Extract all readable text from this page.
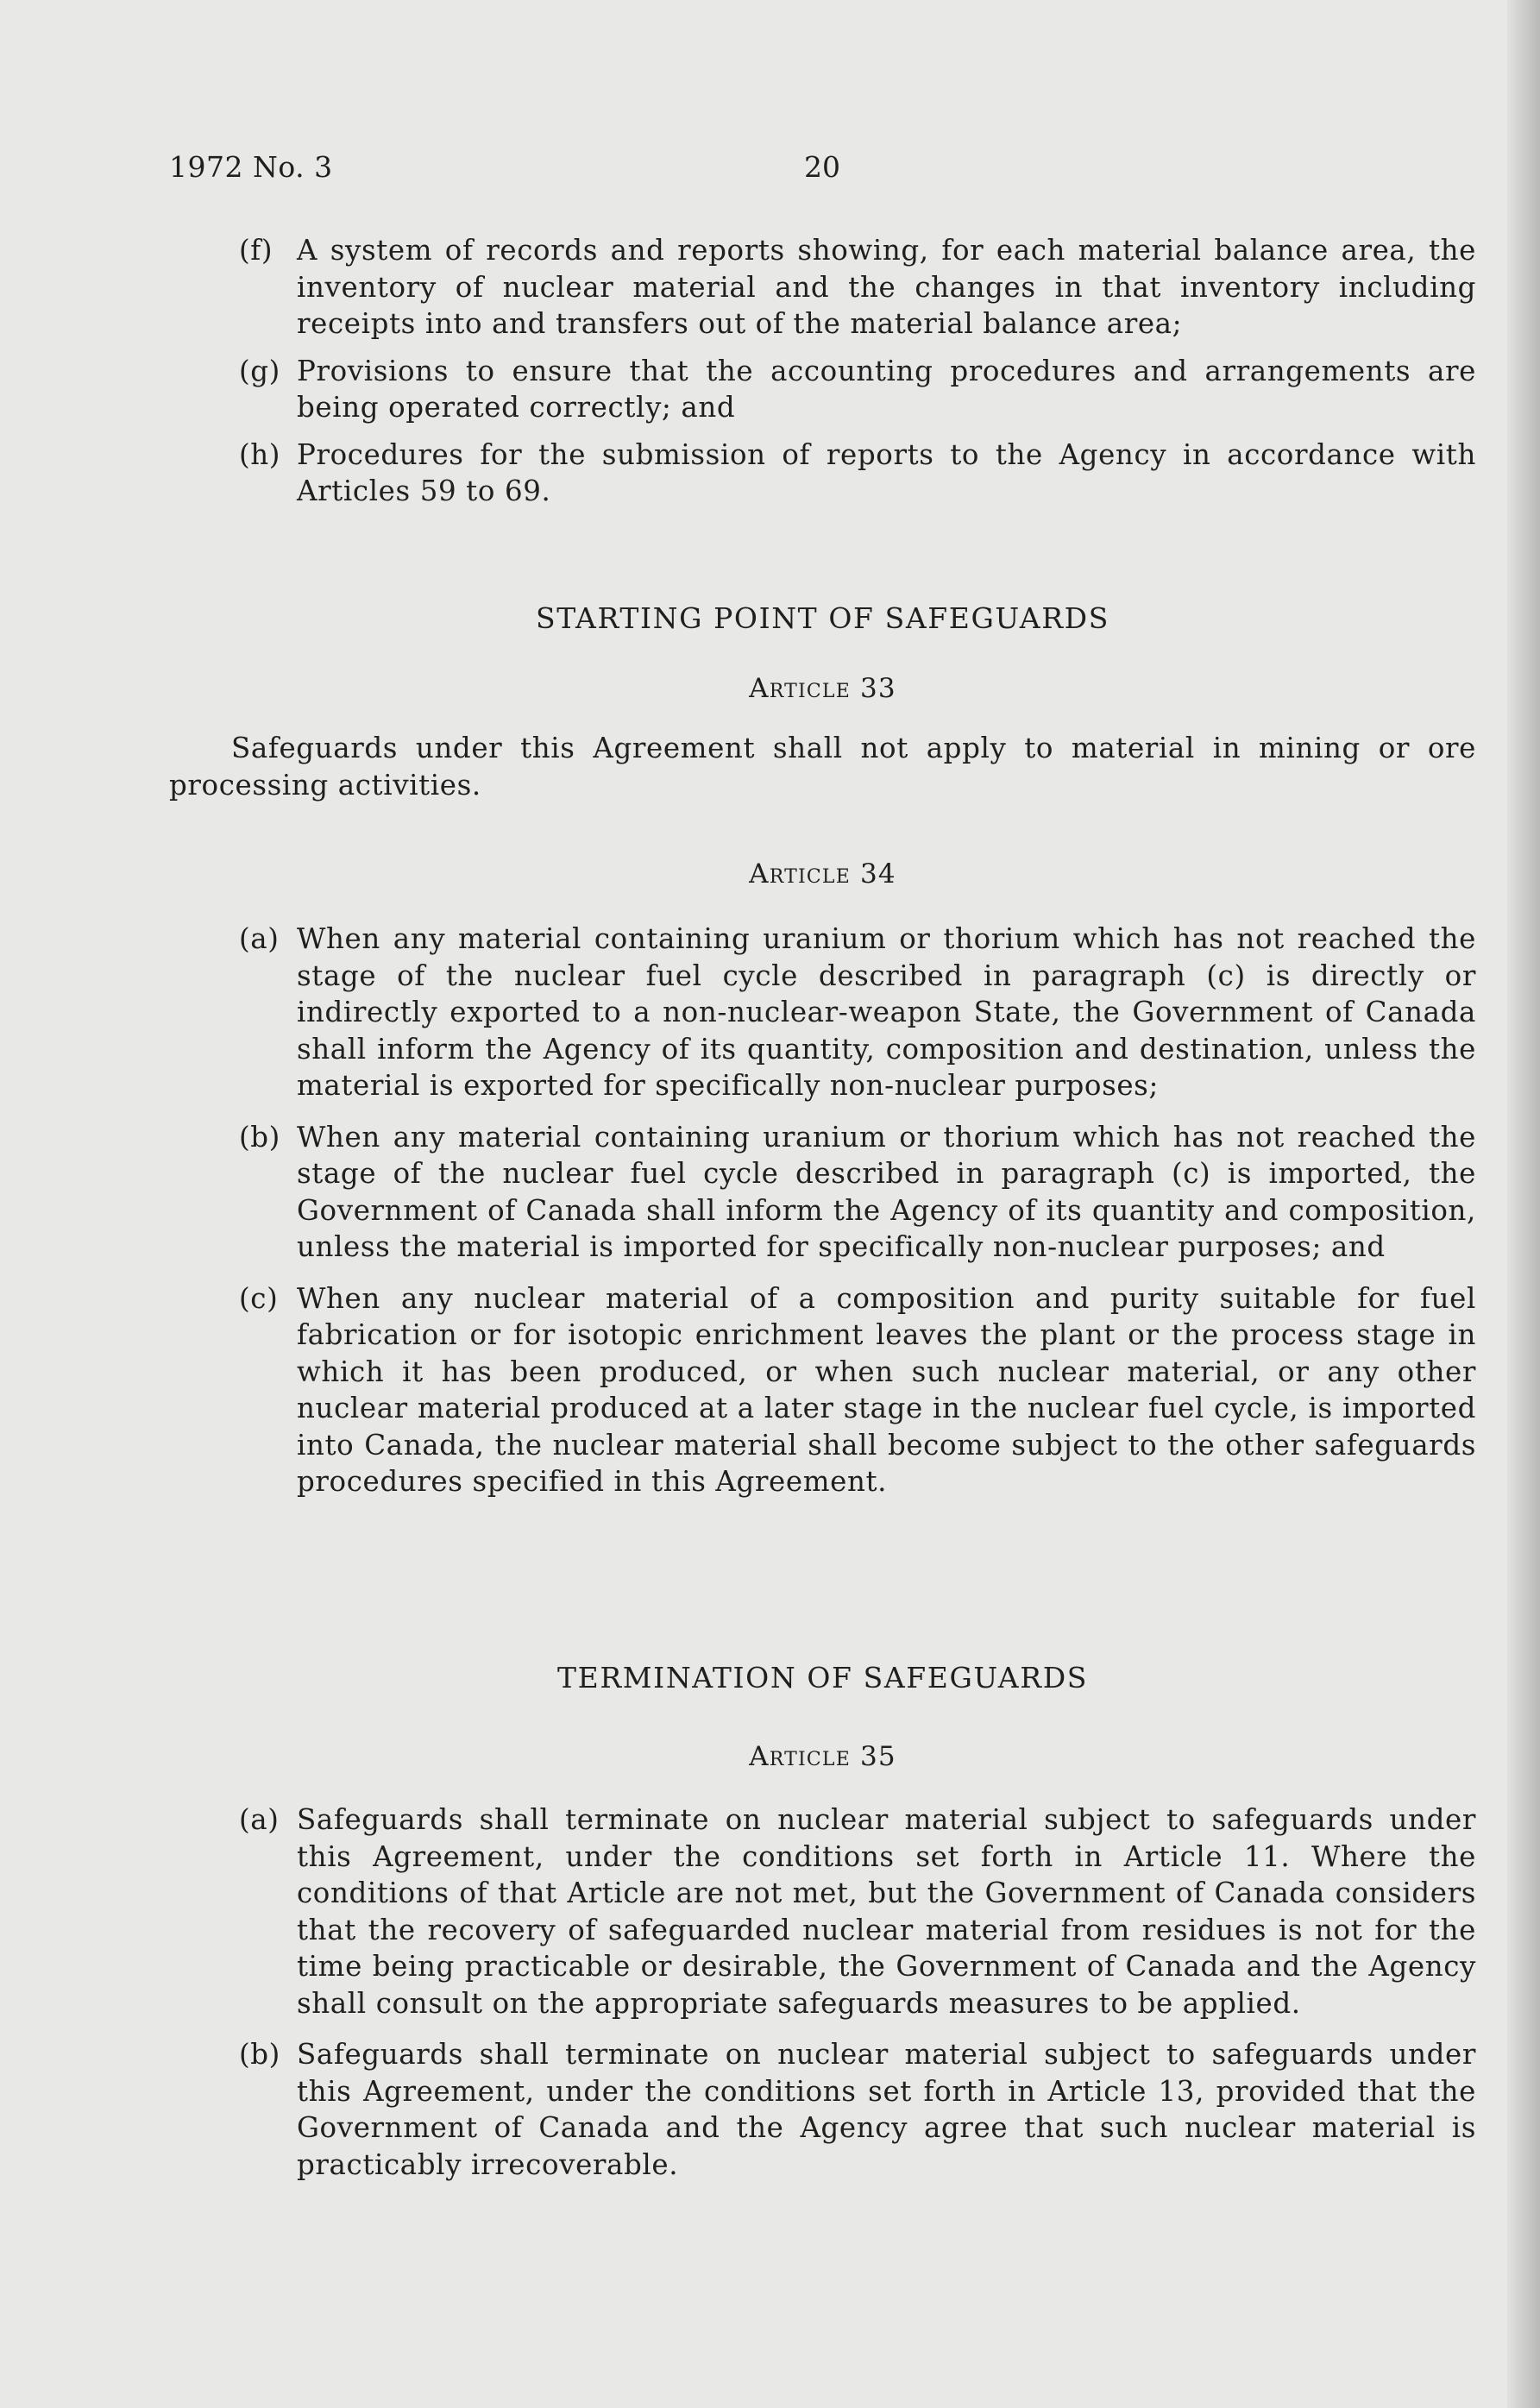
1972 No. 3	20
(f) A system of records and reports showing, for each material balance area, the inventory of nuclear material and the changes in that inventory including receipts into and transfers out of the material balance area;
(g) Provisions to ensure that the accounting procedures and arrangements are being operated correctly; and
(h) Procedures for the submission of reports to the Agency in accordance with Articles 59 to 69.
STARTING POINT OF SAFEGUARDS
Article 33
Safeguards under this Agreement shall not apply to material in mining or ore processing activities.
Article 34
(a) When any material containing uranium or thorium which has not reached the stage of the nuclear fuel cycle described in paragraph (c) is directly or indirectly exported to a non-nuclear-weapon State, the Government of Canada shall inform the Agency of its quantity, composition and destination, unless the material is exported for specifically non-nuclear purposes;
(b) When any material containing uranium or thorium which has not reached the stage of the nuclear fuel cycle described in paragraph (c) is imported, the Government of Canada shall inform the Agency of its quantity and composition, unless the material is imported for specifically non-nuclear purposes; and
(c) When any nuclear material of a composition and purity suitable for fuel fabrication or for isotopic enrichment leaves the plant or the process stage in which it has been produced, or when such nuclear material, or any other nuclear material produced at a later stage in the nuclear fuel cycle, is imported into Canada, the nuclear material shall become subject to the other safeguards procedures specified in this Agreement.
TERMINATION OF SAFEGUARDS
Article 35
(a) Safeguards shall terminate on nuclear material subject to safeguards under this Agreement, under the conditions set forth in Article 11. Where the conditions of that Article are not met, but the Government of Canada considers that the recovery of safeguarded nuclear material from residues is not for the time being practicable or desirable, the Government of Canada and the Agency shall consult on the appropriate safeguards measures to be applied.
(b) Safeguards shall terminate on nuclear material subject to safeguards under this Agreement, under the conditions set forth in Article 13, provided that the Government of Canada and the Agency agree that such nuclear material is practicably irrecoverable.
